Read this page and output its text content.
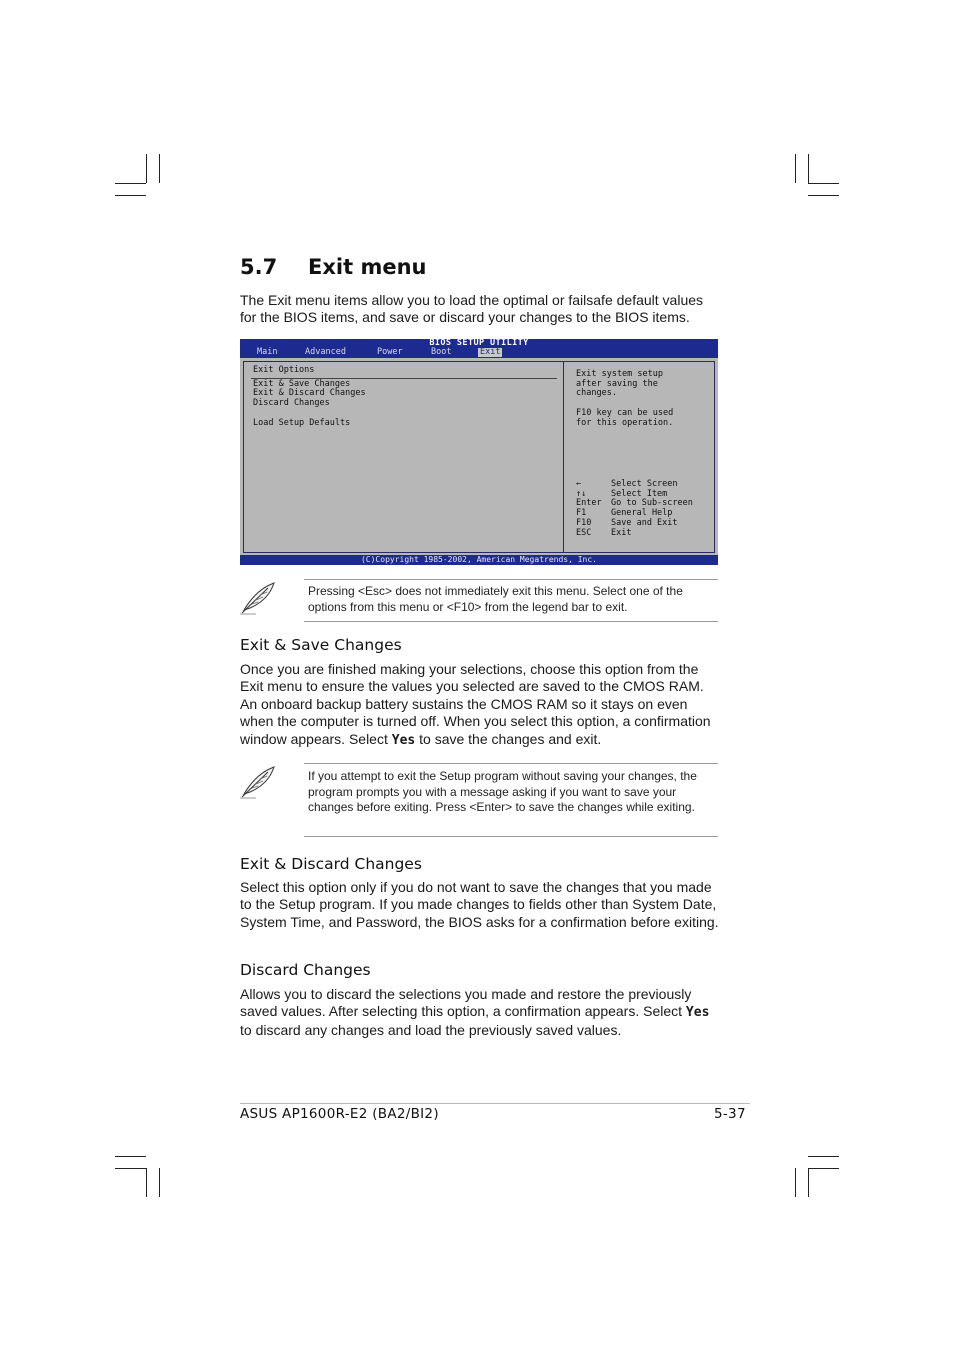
5.7 Exit menu
The Exit menu items allow you to load the optimal or failsafe default values for the BIOS items, and save or discard your changes to the BIOS items.
BIOS SETUP UTILITY
Main	Advanced	Power	Boot	Exit
Exit Options
Exit & Save Changes
Exit & Discard Changes
Discard Changes
Load Setup Defaults
Exit system setup
after saving the
changes.
F10 key can be used
for this operation.
←	Select Screen
↑↓	Select Item
Enter	Go to Sub-screen
F1	General Help
F10	Save and Exit
ESC	Exit
(C)Copyright 1985-2002, American Megatrends, Inc.
Pressing <Esc> does not immediately exit this menu. Select one of the options from this menu or <F10> from the legend bar to exit.
Exit & Save Changes
Once you are finished making your selections, choose this option from the Exit menu to ensure the values you selected are saved to the CMOS RAM. An onboard backup battery sustains the CMOS RAM so it stays on even when the computer is turned off. When you select this option, a confirmation window appears. Select Yes to save the changes and exit.
If you attempt to exit the Setup program without saving your changes, the program prompts you with a message asking if you want to save your changes before exiting. Press <Enter> to save the changes while exiting.
Exit & Discard Changes
Select this option only if you do not want to save the changes that you made to the Setup program. If you made changes to fields other than System Date, System Time, and Password, the BIOS asks for a confirmation before exiting.
Discard Changes
Allows you to discard the selections you made and restore the previously saved values. After selecting this option, a confirmation appears. Select Yes to discard any changes and load the previously saved values.
ASUS AP1600R-E2 (BA2/BI2)	5-37
